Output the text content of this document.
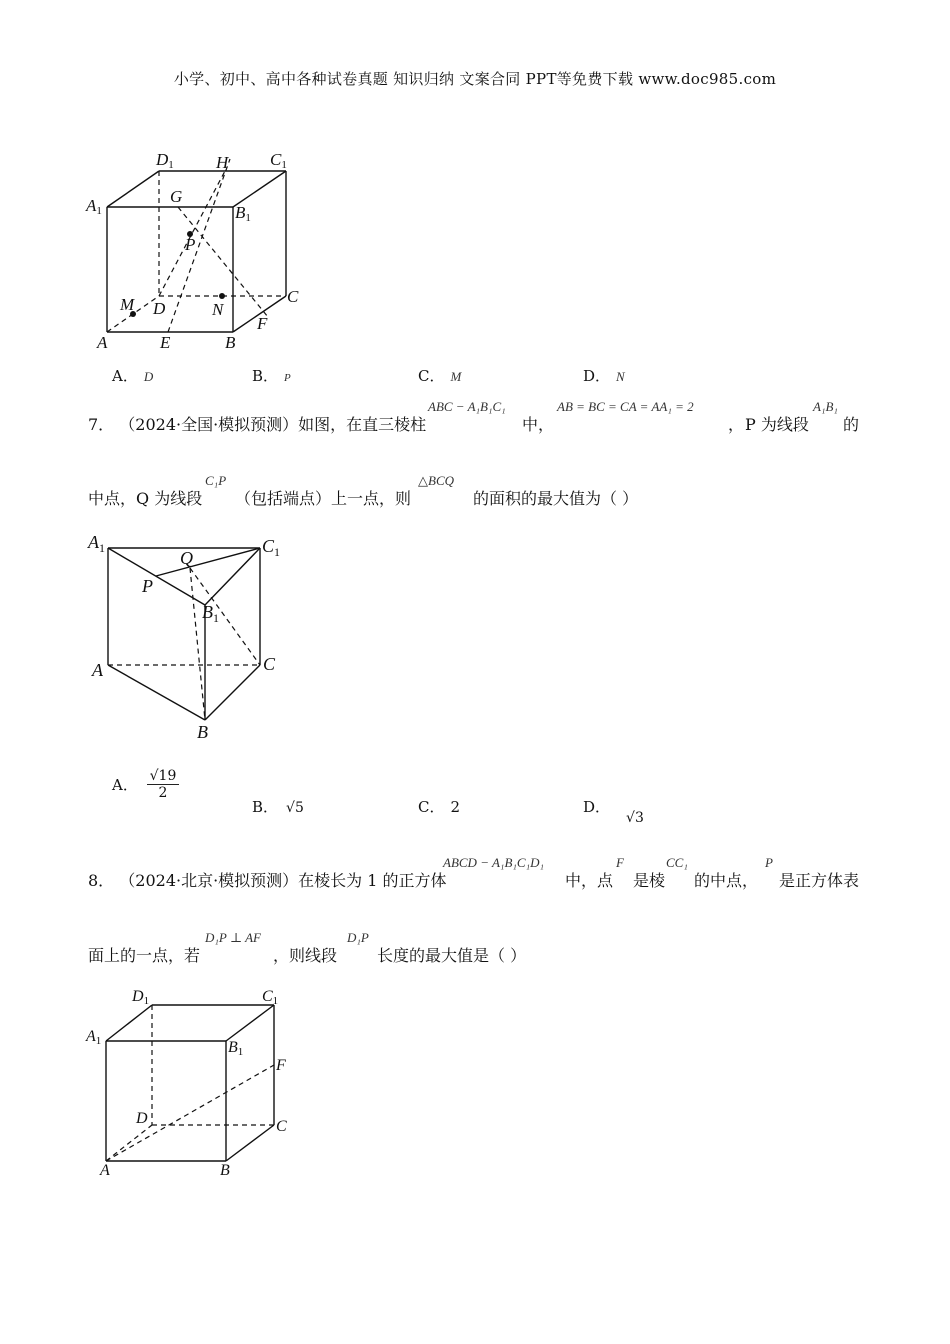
小学、初中、高中各种试卷真题 知识归纳 文案合同 PPT等免费下载 www.doc985.com
D1 H C1
A1
G
B1
P
M D	N
C
A	E	B
F
A． D	B． P	C． M	D． N
7． （2024·全国·模拟预测）如图，在直三棱柱
ABC − A₁B₁C₁
中，
AB = BC = CA = AA₁ = 2
， P 为线段
A₁B₁
的
中点，Q 为线段
C₁P
（包括端点）上一点，则
△BCQ
的面积的最大值为（ ）
$A_1$	Q
$C_1$
P
$B_1$
A	C
B
A． $\frac{√19}{2}$
B． √5	C． 2	D．√3
8． （2024·北京·模拟预测）在棱长为 1 的正方体
ABCD − A₁B₁C₁D₁
中，点
F
是棱
CC₁
的中点，
P
是正方体表
面上的一点，若
D₁P ⊥ AF
，则线段
D₁P
长度的最大值是（ ）
D1	C1
A1	B1
F
D	C
A	B
